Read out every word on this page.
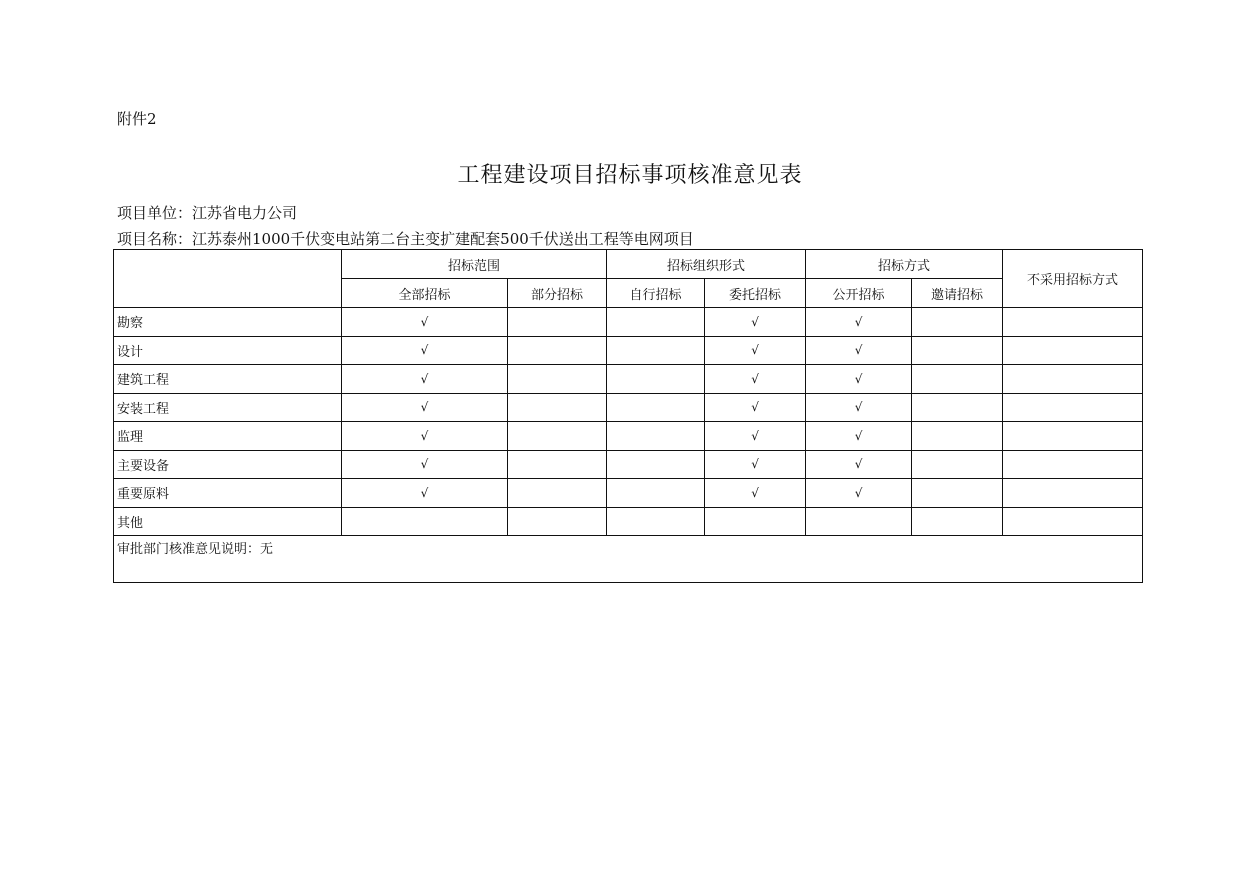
附件2
工程建设项目招标事项核准意见表
项目单位：江苏省电力公司
项目名称：江苏泰州1000千伏变电站第二台主变扩建配套500千伏送出工程等电网项目
	招标范围		招标组织形式		招标方式		不采用招标方式
	全部招标	部分招标	自行招标	委托招标	公开招标	邀请招标	
勘察	√			√	√		
设计	√			√	√		
建筑工程	√			√	√		
安装工程	√			√	√		
监理	√			√	√		
主要设备	√			√	√		
重要原料	√			√	√		
其他							
审批部门核准意见说明：无							
